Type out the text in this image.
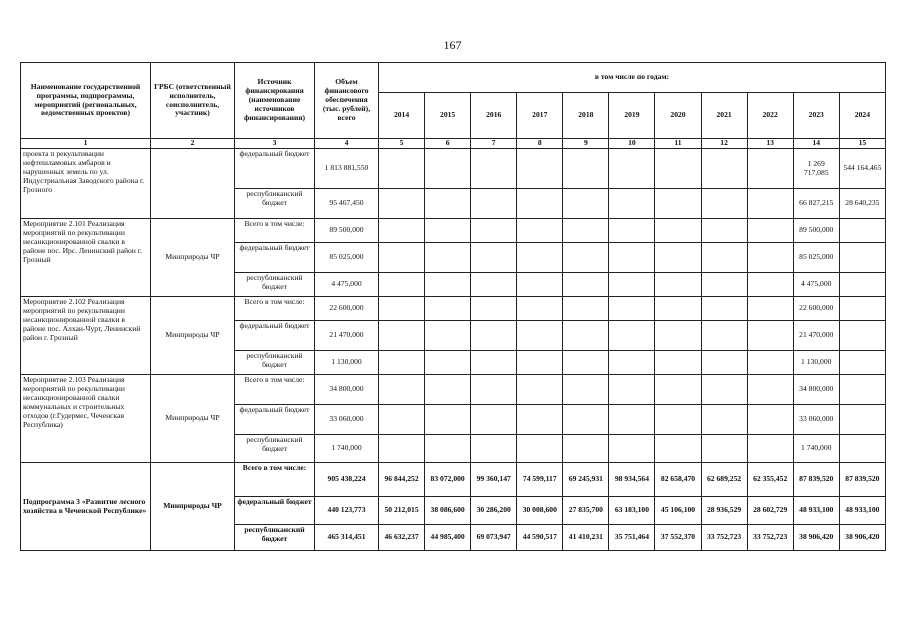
167
Наименование государственной программы, подпрограммы, мероприятий (региональных, ведомственных проектов)	ГРБС (ответственный исполнитель, соисполнитель, участник)	Источник финансирования (наименование источников финансирования)	Объем финансового обеспечения (тыс. рублей), всего	в том числе по годам:										
				2014	2015	2016	2017	2018	2019	2020	2021	2022	2023	2024
1	2	3	4	5	6	7	8	9	10	11	12	13	14	15
проекта п рекультивации нефтешламовых амбаров и нарушенных земель по ул. Индустриальная Заводского района г. Грозного		федеральный бюджет	1 813 881,550										1 269 717,085	544 164,465
		республиканский бюджет	95 467,450										66 827,215	28 640,235
Мероприятие 2.101 Реализация мероприятий по рекультивации несанкционированной свалки в районе пос. Ирс. Ленинский район г. Грозный	Минприроды ЧР	Всего в том числе:	89 500,000										89 500,000	
		федеральный бюджет	85 025,000										85 025,000	
		республиканский бюджет	4 475,000										4 475,000	
Мероприятие 2.102 Реализация мероприятий по рекультивации несанкционированной свалки в районе пос. Алхан-Чурт, Ленинский район г. Грозный	Минприроды ЧР	Всего в том числе:	22 600,000										22 600,000	
		федеральный бюджет	21 470,000										21 470,000	
		республиканский бюджет	1 130,000										1 130,000	
Мероприятие 2.103 Реализация мероприятий по рекультивации несанкционированной свалки коммунальных и строительных отходов (г.Гудермес, Чеченская Республика)	Минприроды ЧР	Всего в том числе:	34 800,000										34 800,000	
		федеральный бюджет	33 060,000										33 060,000	
		республиканский бюджет	1 740,000										1 740,000	
Подпрограмма 3 «Развитие лесного хозяйства в Чеченской Республике»	Минприроды ЧР	Всего в том числе:	905 438,224	96 844,252	83 072,000	99 360,147	74 599,117	69 245,931	98 934,564	82 658,470	62 689,252	62 355,452	87 839,520	87 839,520
		федеральный бюджет	440 123,773	50 212,015	38 086,600	30 286,200	30 008,600	27 835,700	63 183,100	45 106,100	28 936,529	28 602,729	48 933,100	48 933,100
		республиканский бюджет	465 314,451	46 632,237	44 985,400	69 073,947	44 590,517	41 410,231	35 751,464	37 552,370	33 752,723	33 752,723	38 906,420	38 906,420
